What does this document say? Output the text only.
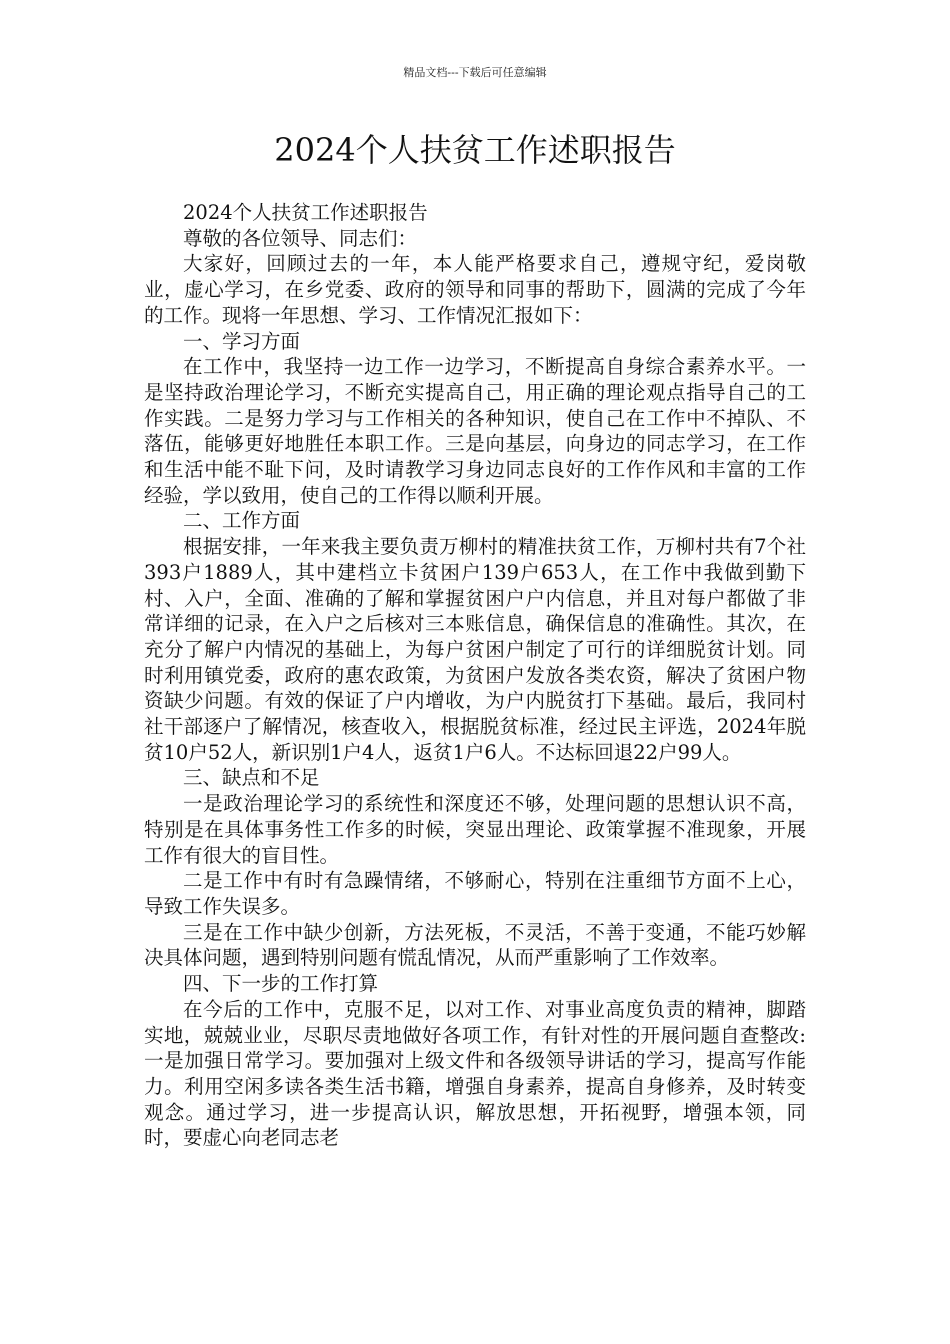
精品文档---下载后可任意编辑
2024个人扶贫工作述职报告

2024个人扶贫工作述职报告

尊敬的各位领导、同志们：

大家好，回顾过去的一年，本人能严格要求自己，遵规守纪，爱岗敬业，虚心学习，在乡党委、政府的领导和同事的帮助下，圆满的完成了今年的工作。现将一年思想、学习、工作情况汇报如下：

一、学习方面

在工作中，我坚持一边工作一边学习，不断提高自身综合素养水平。一是坚持政治理论学习，不断充实提高自己，用正确的理论观点指导自己的工作实践。二是努力学习与工作相关的各种知识，使自己在工作中不掉队、不落伍，能够更好地胜任本职工作。三是向基层，向身边的同志学习，在工作和生活中能不耻下问，及时请教学习身边同志良好的工作作风和丰富的工作经验，学以致用，使自己的工作得以顺利开展。

二、工作方面

根据安排，一年来我主要负责万柳村的精准扶贫工作，万柳村共有7个社393户1889人，其中建档立卡贫困户139户653人，在工作中我做到勤下村、入户，全面、准确的了解和掌握贫困户户内信息，并且对每户都做了非常详细的记录，在入户之后核对三本账信息，确保信息的准确性。其次，在充分了解户内情况的基础上，为每户贫困户制定了可行的详细脱贫计划。同时利用镇党委，政府的惠农政策，为贫困户发放各类农资，解决了贫困户物资缺少问题。有效的保证了户内增收，为户内脱贫打下基础。最后，我同村社干部逐户了解情况，核查收入，根据脱贫标准，经过民主评选，2024年脱贫10户52人，新识别1户4人，返贫1户6人。不达标回退22户99人。

三、缺点和不足

一是政治理论学习的系统性和深度还不够，处理问题的思想认识不高，特别是在具体事务性工作多的时候，突显出理论、政策掌握不准现象，开展工作有很大的盲目性。

二是工作中有时有急躁情绪，不够耐心，特别在注重细节方面不上心，导致工作失误多。

三是在工作中缺少创新，方法死板，不灵活，不善于变通，不能巧妙解决具体问题，遇到特别问题有慌乱情况，从而严重影响了工作效率。

四、下一步的工作打算

在今后的工作中，克服不足，以对工作、对事业高度负责的精神，脚踏实地，兢兢业业，尽职尽责地做好各项工作，有针对性的开展问题自查整改:一是加强日常学习。要加强对上级文件和各级领导讲话的学习，提高写作能力。利用空闲多读各类生活书籍，增强自身素养，提高自身修养，及时转变观念。通过学习，进一步提高认识，解放思想，开拓视野，增强本领，同时，要虚心向老同志老
